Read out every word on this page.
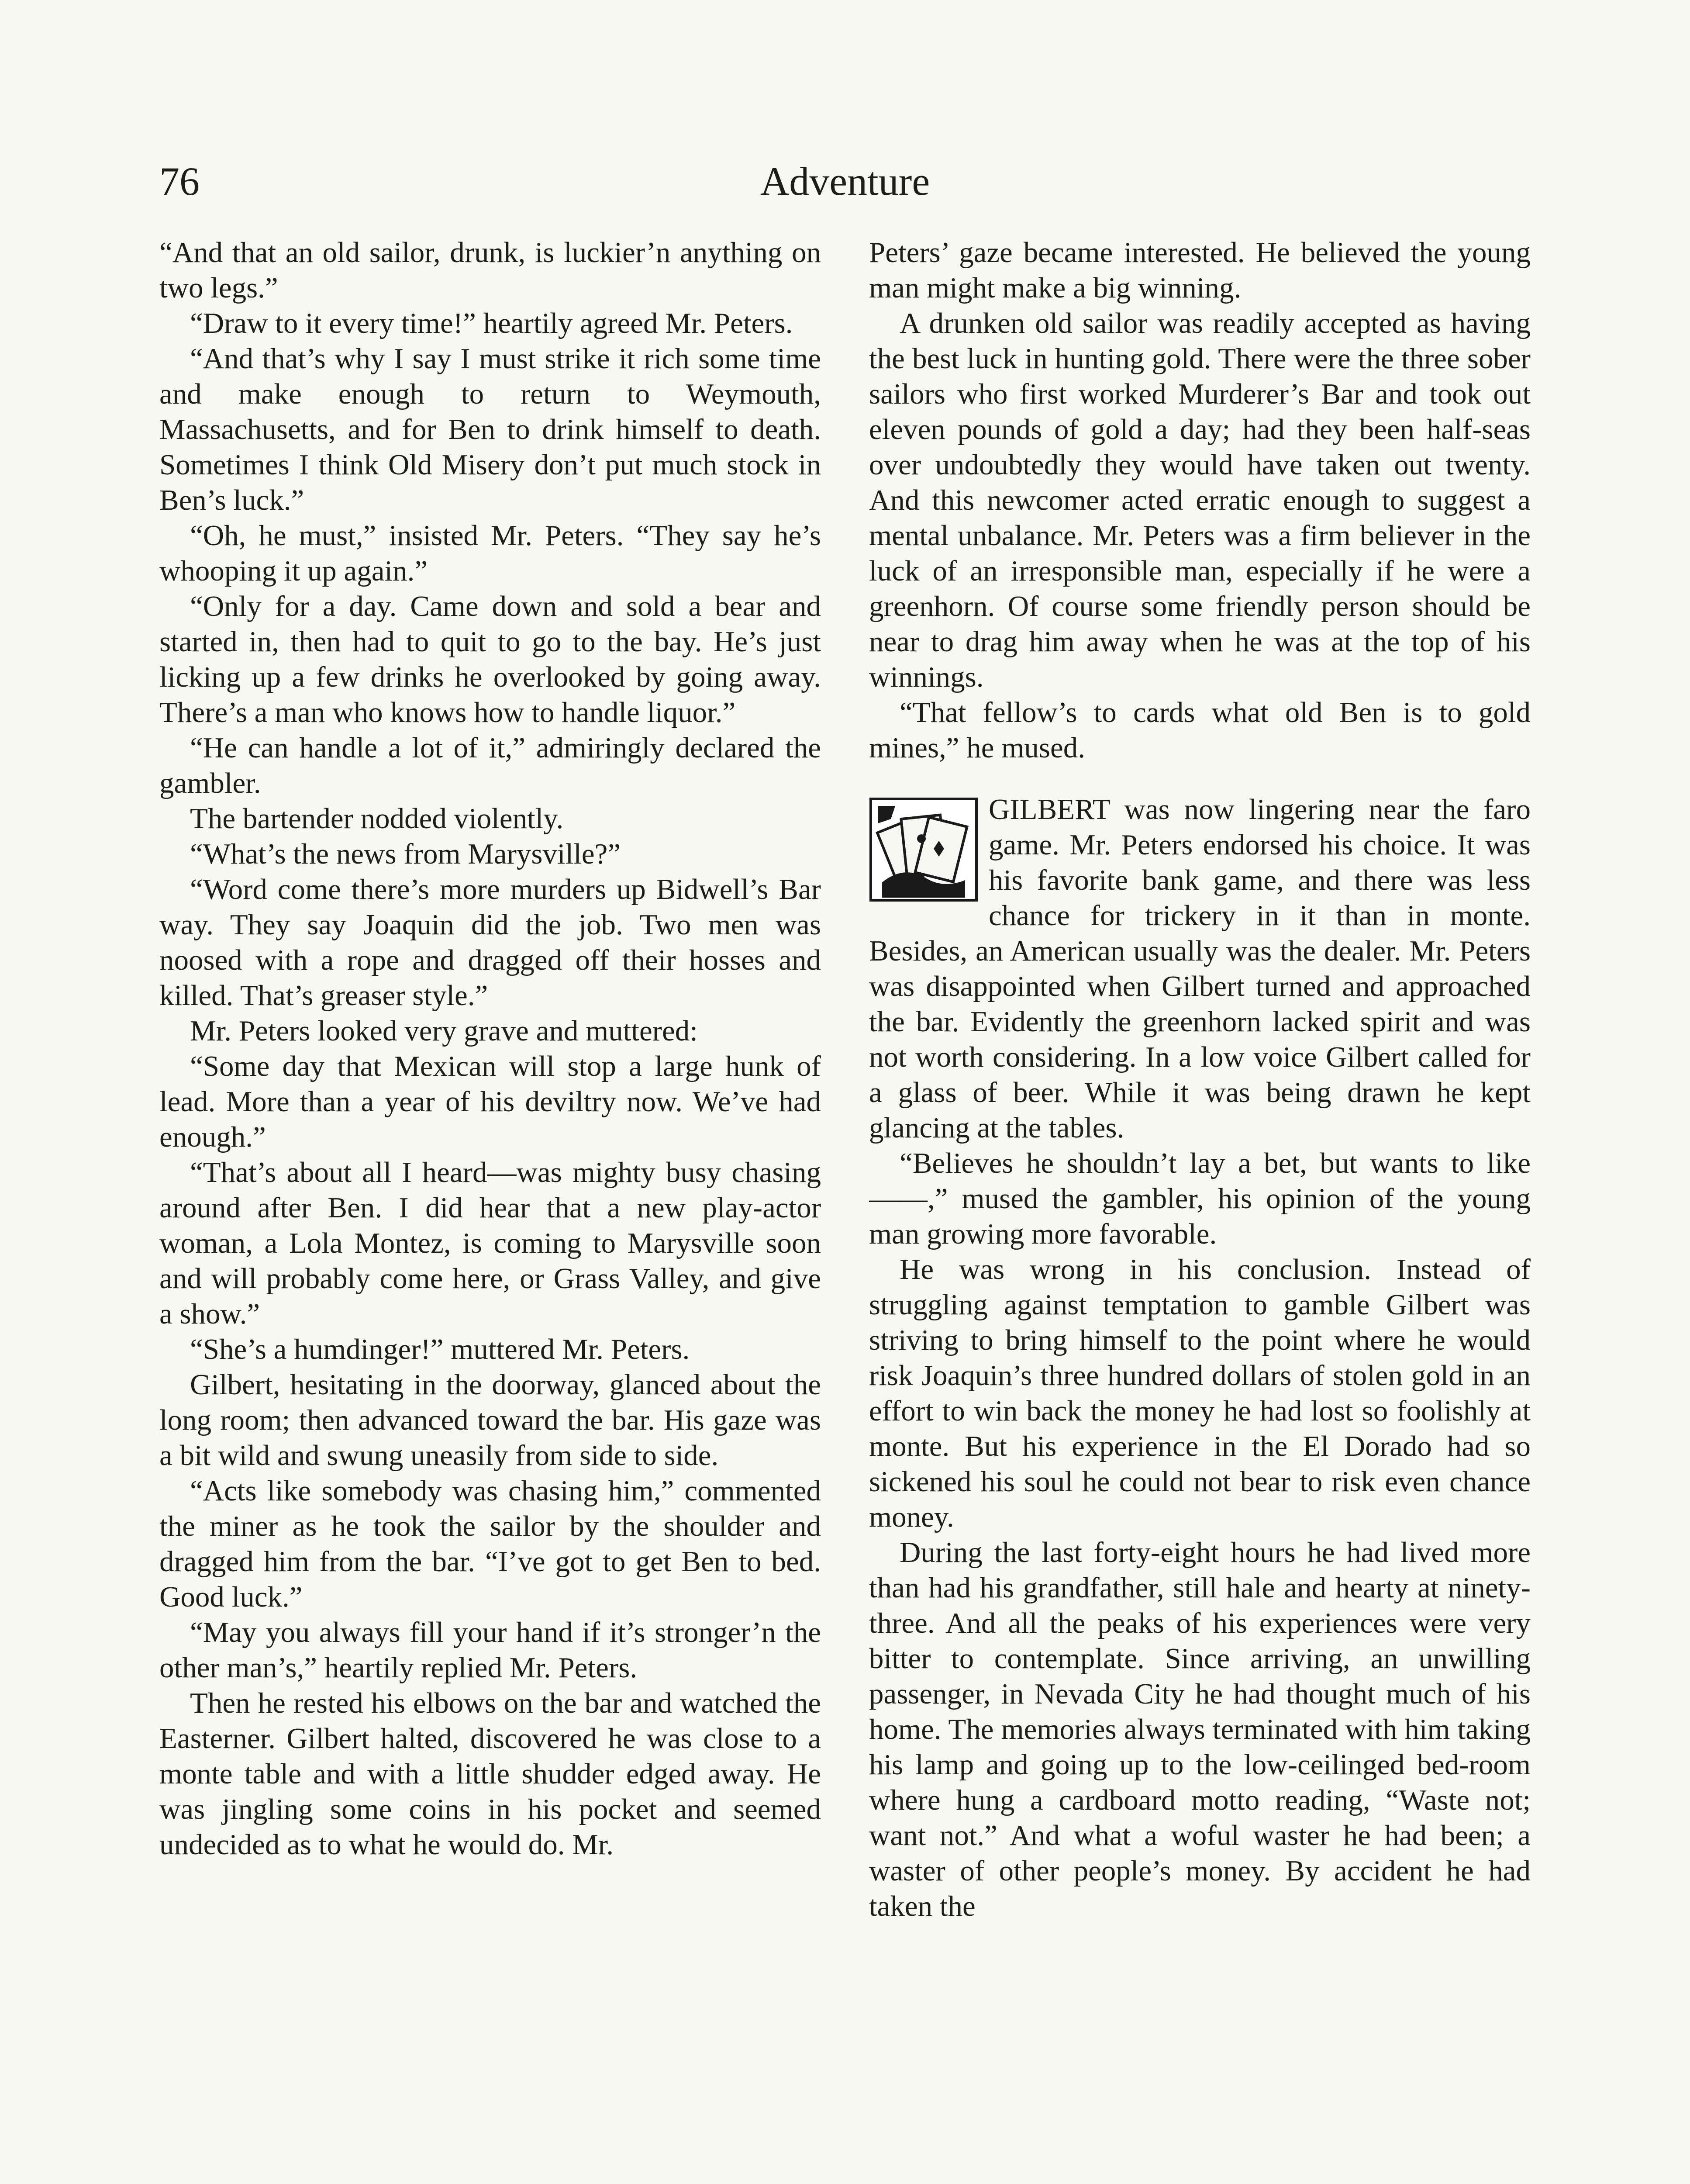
76	Adventure

“And that an old sailor, drunk, is luckier’n anything on two legs.”

“Draw to it every time!” heartily agreed Mr. Peters.

“And that’s why I say I must strike it rich some time and make enough to return to Weymouth, Massachusetts, and for Ben to drink himself to death. Sometimes I think Old Misery don’t put much stock in Ben’s luck.”

“Oh, he must,” insisted Mr. Peters. “They say he’s whooping it up again.”

“Only for a day. Came down and sold a bear and started in, then had to quit to go to the bay. He’s just licking up a few drinks he overlooked by going away. There’s a man who knows how to handle liquor.”

“He can handle a lot of it,” admiringly declared the gambler.

The bartender nodded violently.

“What’s the news from Marysville?”

“Word come there’s more murders up Bidwell’s Bar way. They say Joaquin did the job. Two men was noosed with a rope and dragged off their hosses and killed. That’s greaser style.”

Mr. Peters looked very grave and muttered:

“Some day that Mexican will stop a large hunk of lead. More than a year of his deviltry now. We’ve had enough.”

“That’s about all I heard—was mighty busy chasing around after Ben. I did hear that a new play-actor woman, a Lola Montez, is coming to Marysville soon and will probably come here, or Grass Valley, and give a show.”

“She’s a humdinger!” muttered Mr. Peters.

Gilbert, hesitating in the doorway, glanced about the long room; then advanced toward the bar. His gaze was a bit wild and swung uneasily from side to side.

“Acts like somebody was chasing him,” commented the miner as he took the sailor by the shoulder and dragged him from the bar. “I’ve got to get Ben to bed. Good luck.”

“May you always fill your hand if it’s stronger’n the other man’s,” heartily replied Mr. Peters.

Then he rested his elbows on the bar and watched the Easterner. Gilbert halted, discovered he was close to a monte table and with a little shudder edged away. He was jingling some coins in his pocket and seemed undecided as to what he would do. Mr.

Peters’ gaze became interested. He believed the young man might make a big winning.

A drunken old sailor was readily accepted as having the best luck in hunting gold. There were the three sober sailors who first worked Murderer’s Bar and took out eleven pounds of gold a day; had they been half-seas over undoubtedly they would have taken out twenty. And this newcomer acted erratic enough to suggest a mental unbalance. Mr. Peters was a firm believer in the luck of an irresponsible man, especially if he were a greenhorn. Of course some friendly person should be near to drag him away when he was at the top of his winnings.

“That fellow’s to cards what old Ben is to gold mines,” he mused.

GILBERT was now lingering near the faro game. Mr. Peters endorsed his choice. It was his favorite bank game, and there was less chance for trickery in it than in monte. Besides, an American usually was the dealer. Mr. Peters was disappointed when Gilbert turned and approached the bar. Evidently the greenhorn lacked spirit and was not worth considering. In a low voice Gilbert called for a glass of beer. While it was being drawn he kept glancing at the tables.

“Believes he shouldn’t lay a bet, but wants to like ——,” mused the gambler, his opinion of the young man growing more favorable.

He was wrong in his conclusion. Instead of struggling against temptation to gamble Gilbert was striving to bring himself to the point where he would risk Joaquin’s three hundred dollars of stolen gold in an effort to win back the money he had lost so foolishly at monte. But his experience in the El Dorado had so sickened his soul he could not bear to risk even chance money.

During the last forty-eight hours he had lived more than had his grandfather, still hale and hearty at ninety-three. And all the peaks of his experiences were very bitter to contemplate. Since arriving, an unwilling passenger, in Nevada City he had thought much of his home. The memories always terminated with him taking his lamp and going up to the low-ceilinged bed-room where hung a cardboard motto reading, “Waste not; want not.” And what a woful waster he had been; a waster of other people’s money. By accident he had taken the
